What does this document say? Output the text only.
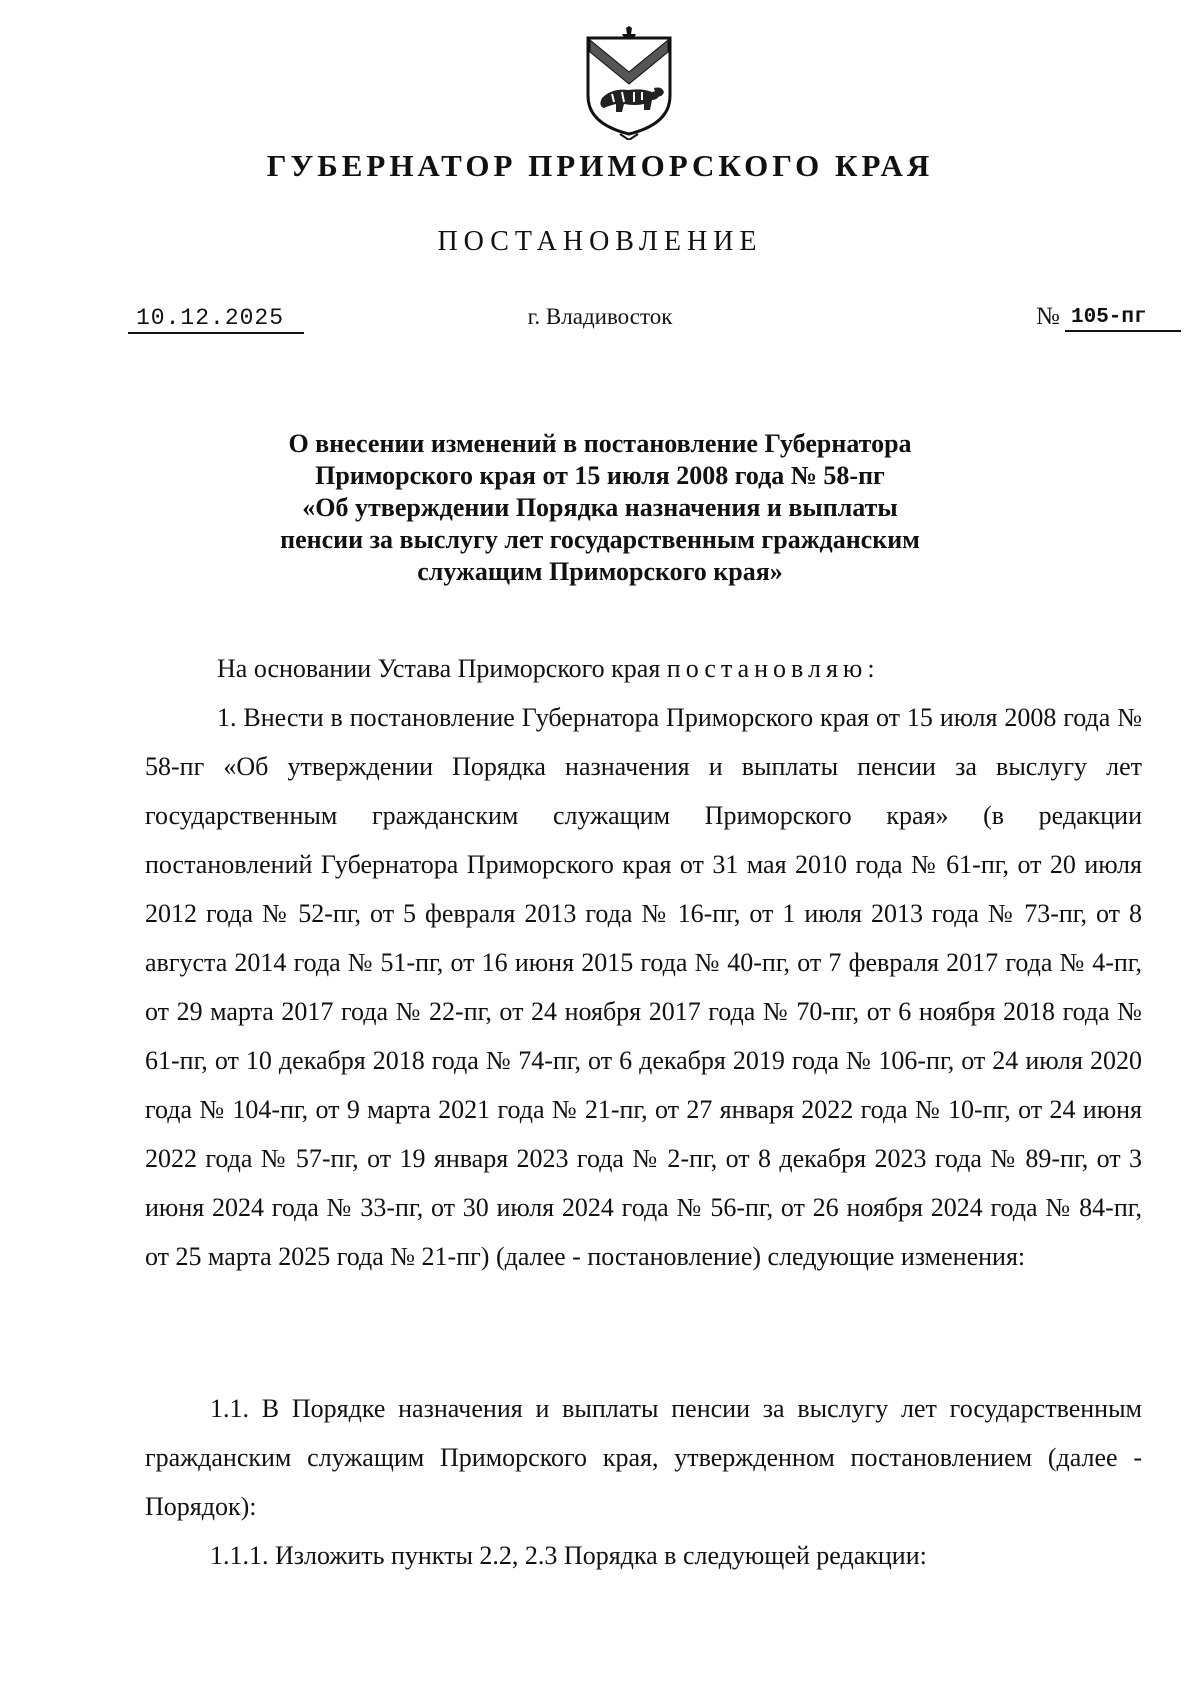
ГУБЕРНАТОР ПРИМОРСКОГО КРАЯ
ПОСТАНОВЛЕНИЕ
10.12.2025	г. Владивосток	№ 105-пг
О внесении изменений в постановление Губернатора
Приморского края от 15 июля 2008 года № 58-пг
«Об утверждении Порядка назначения и выплаты
пенсии за выслугу лет государственным гражданским
служащим Приморского края»
На основании Устава Приморского края постановляю:
1. Внести в постановление Губернатора Приморского края от 15 июля 2008 года № 58-пг «Об утверждении Порядка назначения и выплаты пенсии за выслугу лет государственным гражданским служащим Приморского края» (в редакции постановлений Губернатора Приморского края от 31 мая 2010 года № 61-пг, от 20 июля 2012 года № 52-пг, от 5 февраля 2013 года № 16-пг, от 1 июля 2013 года № 73-пг, от 8 августа 2014 года № 51-пг, от 16 июня 2015 года № 40-пг, от 7 февраля 2017 года № 4-пг, от 29 марта 2017 года № 22-пг, от 24 ноября 2017 года № 70-пг, от 6 ноября 2018 года № 61-пг, от 10 декабря 2018 года № 74-пг, от 6 декабря 2019 года № 106-пг, от 24 июля 2020 года № 104-пг, от 9 марта 2021 года № 21-пг, от 27 января 2022 года № 10-пг, от 24 июня 2022 года № 57-пг, от 19 января 2023 года № 2-пг, от 8 декабря 2023 года № 89-пг, от 3 июня 2024 года № 33-пг, от 30 июля 2024 года № 56-пг, от 26 ноября 2024 года № 84-пг, от 25 марта 2025 года № 21-пг) (далее - постановление) следующие изменения:
1.1. В Порядке назначения и выплаты пенсии за выслугу лет государственным гражданским служащим Приморского края, утвержденном постановлением (далее - Порядок):
1.1.1. Изложить пункты 2.2, 2.3 Порядка в следующей редакции:
